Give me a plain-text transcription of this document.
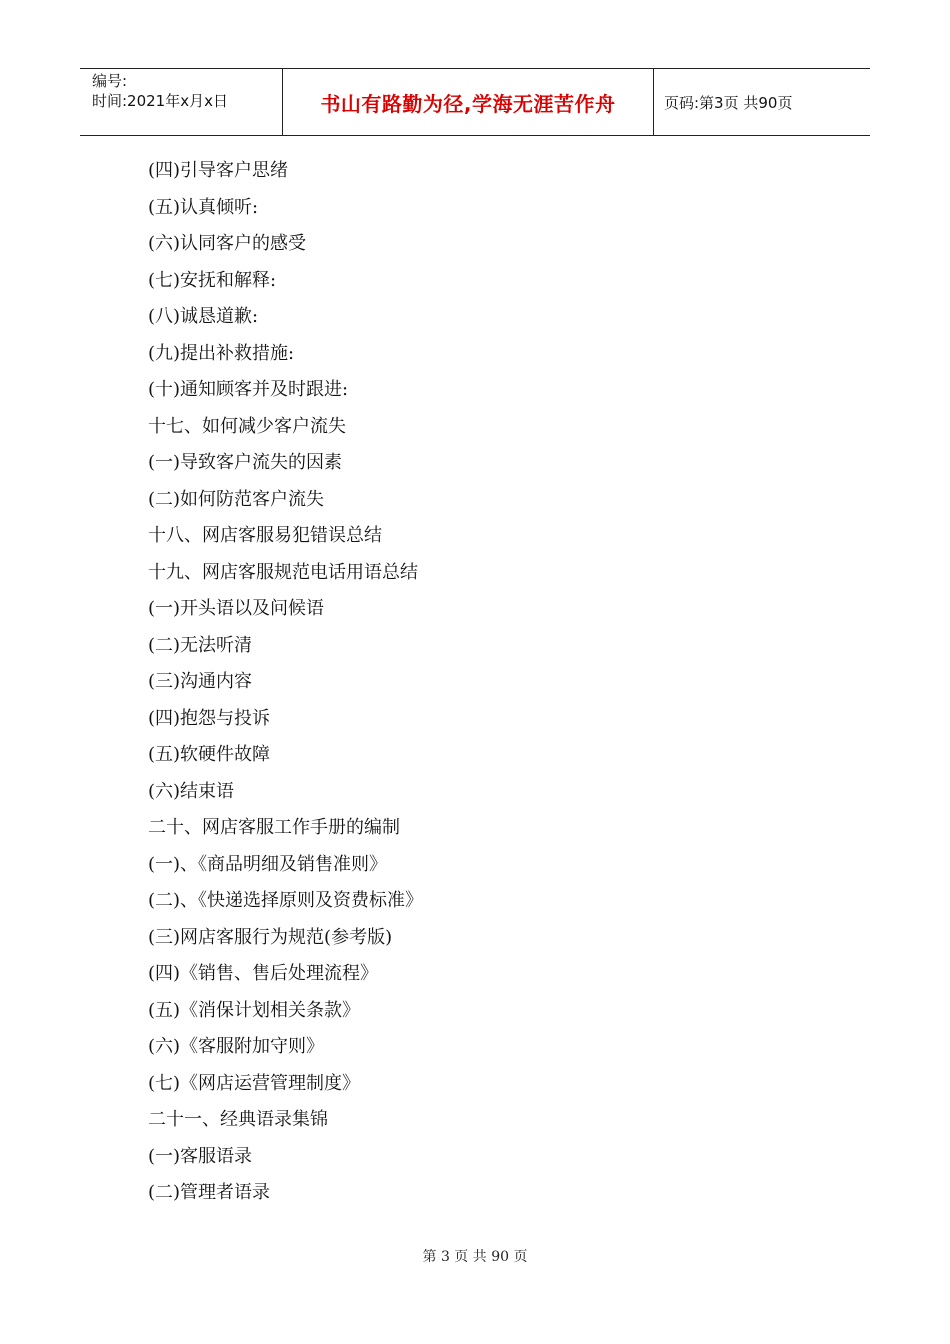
编号:
时间:2021年x月x日	书山有路勤为径,学海无涯苦作舟	页码:第3页 共90页
(四)引导客户思绪
(五)认真倾听:
(六)认同客户的感受
(七)安抚和解释:
(八)诚恳道歉:
(九)提出补救措施:
(十)通知顾客并及时跟进:
十七、如何减少客户流失
(一)导致客户流失的因素
(二)如何防范客户流失
十八、网店客服易犯错误总结
十九、网店客服规范电话用语总结
(一)开头语以及问候语
(二)无法听清
(三)沟通内容
(四)抱怨与投诉
(五)软硬件故障
(六)结束语
二十、网店客服工作手册的编制
(一)、《商品明细及销售准则》
(二)、《快递选择原则及资费标准》
(三)网店客服行为规范(参考版)
(四)《销售、售后处理流程》
(五)《消保计划相关条款》
(六)《客服附加守则》
(七)《网店运营管理制度》
二十一、经典语录集锦
(一)客服语录
(二)管理者语录
第 3 页 共 90 页
